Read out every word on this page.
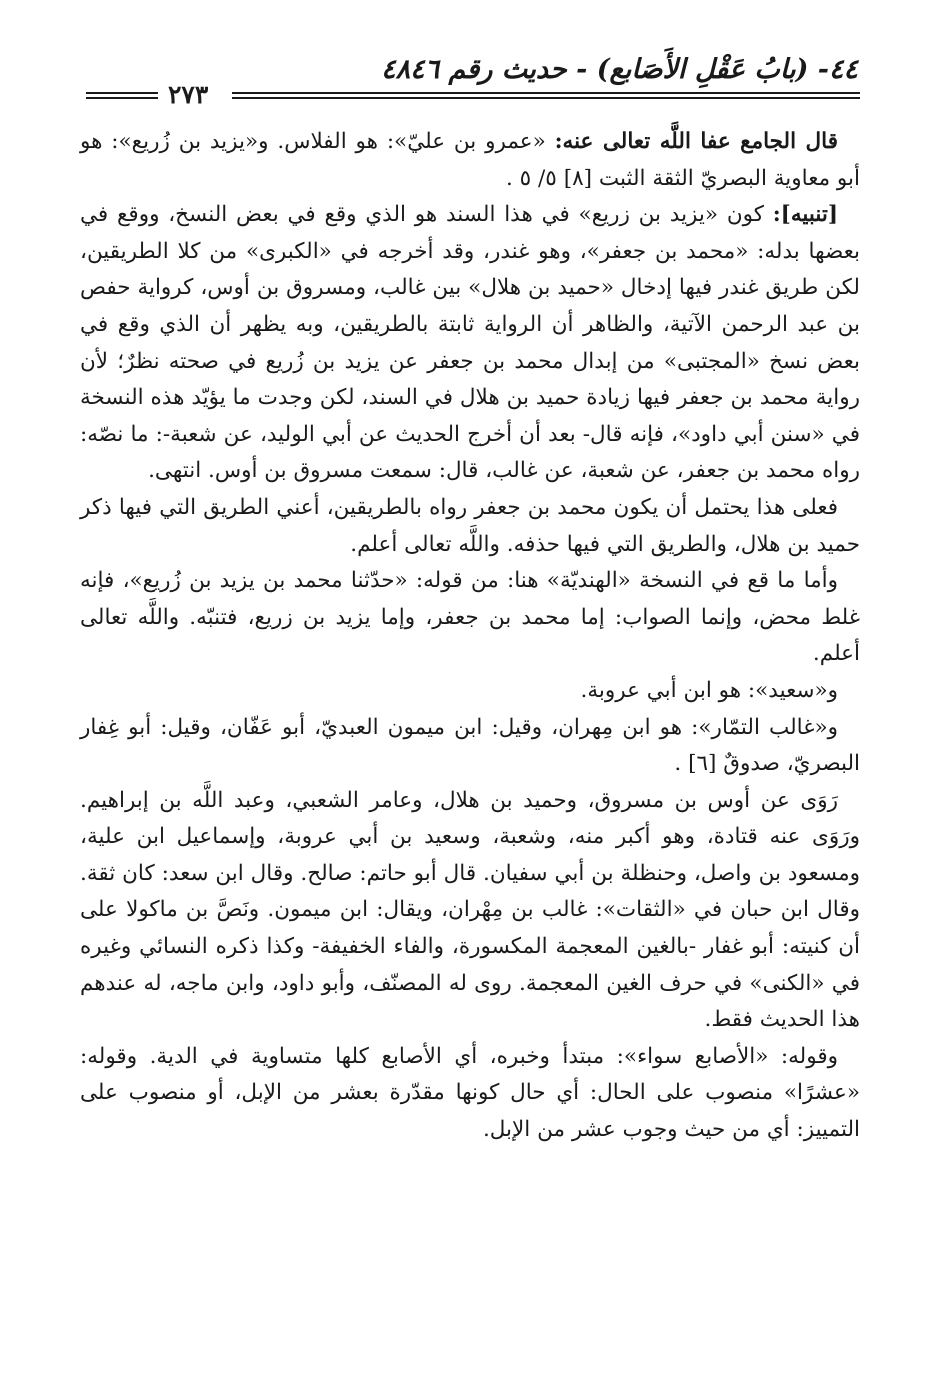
٤٤- (بابُ عَقْلِ الأَصَابع) - حديث رقم ٤٨٤٦
٢٧٣

قال الجامع عفا اللَّه تعالى عنه: «عمرو بن عليّ»: هو الفلاس. و«يزيد بن زُريع»: هو أبو معاوية البصريّ الثقة الثبت [٨] ٥/ ٥ .

[تنبيه]: كون «يزيد بن زريع» في هذا السند هو الذي وقع في بعض النسخ، ووقع في بعضها بدله: «محمد بن جعفر»، وهو غندر، وقد أخرجه في «الكبرى» من كلا الطريقين، لكن طريق غندر فيها إدخال «حميد بن هلال» بين غالب، ومسروق بن أوس، كرواية حفص بن عبد الرحمن الآتية، والظاهر أن الرواية ثابتة بالطريقين، وبه يظهر أن الذي وقع في بعض نسخ «المجتبى» من إبدال محمد بن جعفر عن يزيد بن زُريع في صحته نظرٌ؛ لأن رواية محمد بن جعفر فيها زيادة حميد بن هلال في السند، لكن وجدت ما يؤيّد هذه النسخة في «سنن أبي داود»، فإنه قال- بعد أن أخرج الحديث عن أبي الوليد، عن شعبة-: ما نصّه: رواه محمد بن جعفر، عن شعبة، عن غالب، قال: سمعت مسروق بن أوس. انتهى.

فعلى هذا يحتمل أن يكون محمد بن جعفر رواه بالطريقين، أعني الطريق التي فيها ذكر حميد بن هلال، والطريق التي فيها حذفه. واللَّه تعالى أعلم.

وأما ما قع في النسخة «الهنديّة» هنا: من قوله: «حدّثنا محمد بن يزيد بن زُريع»، فإنه غلط محض، وإنما الصواب: إما محمد بن جعفر، وإما يزيد بن زريع، فتنبّه. واللَّه تعالى أعلم.

و«سعيد»: هو ابن أبي عروبة.

و«غالب التمّار»: هو ابن مِهران، وقيل: ابن ميمون العبديّ، أبو عَفّان، وقيل: أبو غِفار البصريّ، صدوقٌ [٦] .

رَوَى عن أوس بن مسروق، وحميد بن هلال، وعامر الشعبي، وعبد اللَّه بن إبراهيم. ورَوَى عنه قتادة، وهو أكبر منه، وشعبة، وسعيد بن أبي عروبة، وإسماعيل ابن علية، ومسعود بن واصل، وحنظلة بن أبي سفيان. قال أبو حاتم: صالح. وقال ابن سعد: كان ثقة. وقال ابن حبان في «الثقات»: غالب بن مِهْران، ويقال: ابن ميمون. ونَصَّ بن ماكولا على أن كنيته: أبو غفار -بالغين المعجمة المكسورة، والفاء الخفيفة- وكذا ذكره النسائي وغيره في «الكنى» في حرف الغين المعجمة. روى له المصنّف، وأبو داود، وابن ماجه، له عندهم هذا الحديث فقط.

وقوله: «الأصابع سواء»: مبتدأ وخبره، أي الأصابع كلها متساوية في الدية. وقوله: «عشرًا» منصوب على الحال: أي حال كونها مقدّرة بعشر من الإبل، أو منصوب على التمييز: أي من حيث وجوب عشر من الإبل.
